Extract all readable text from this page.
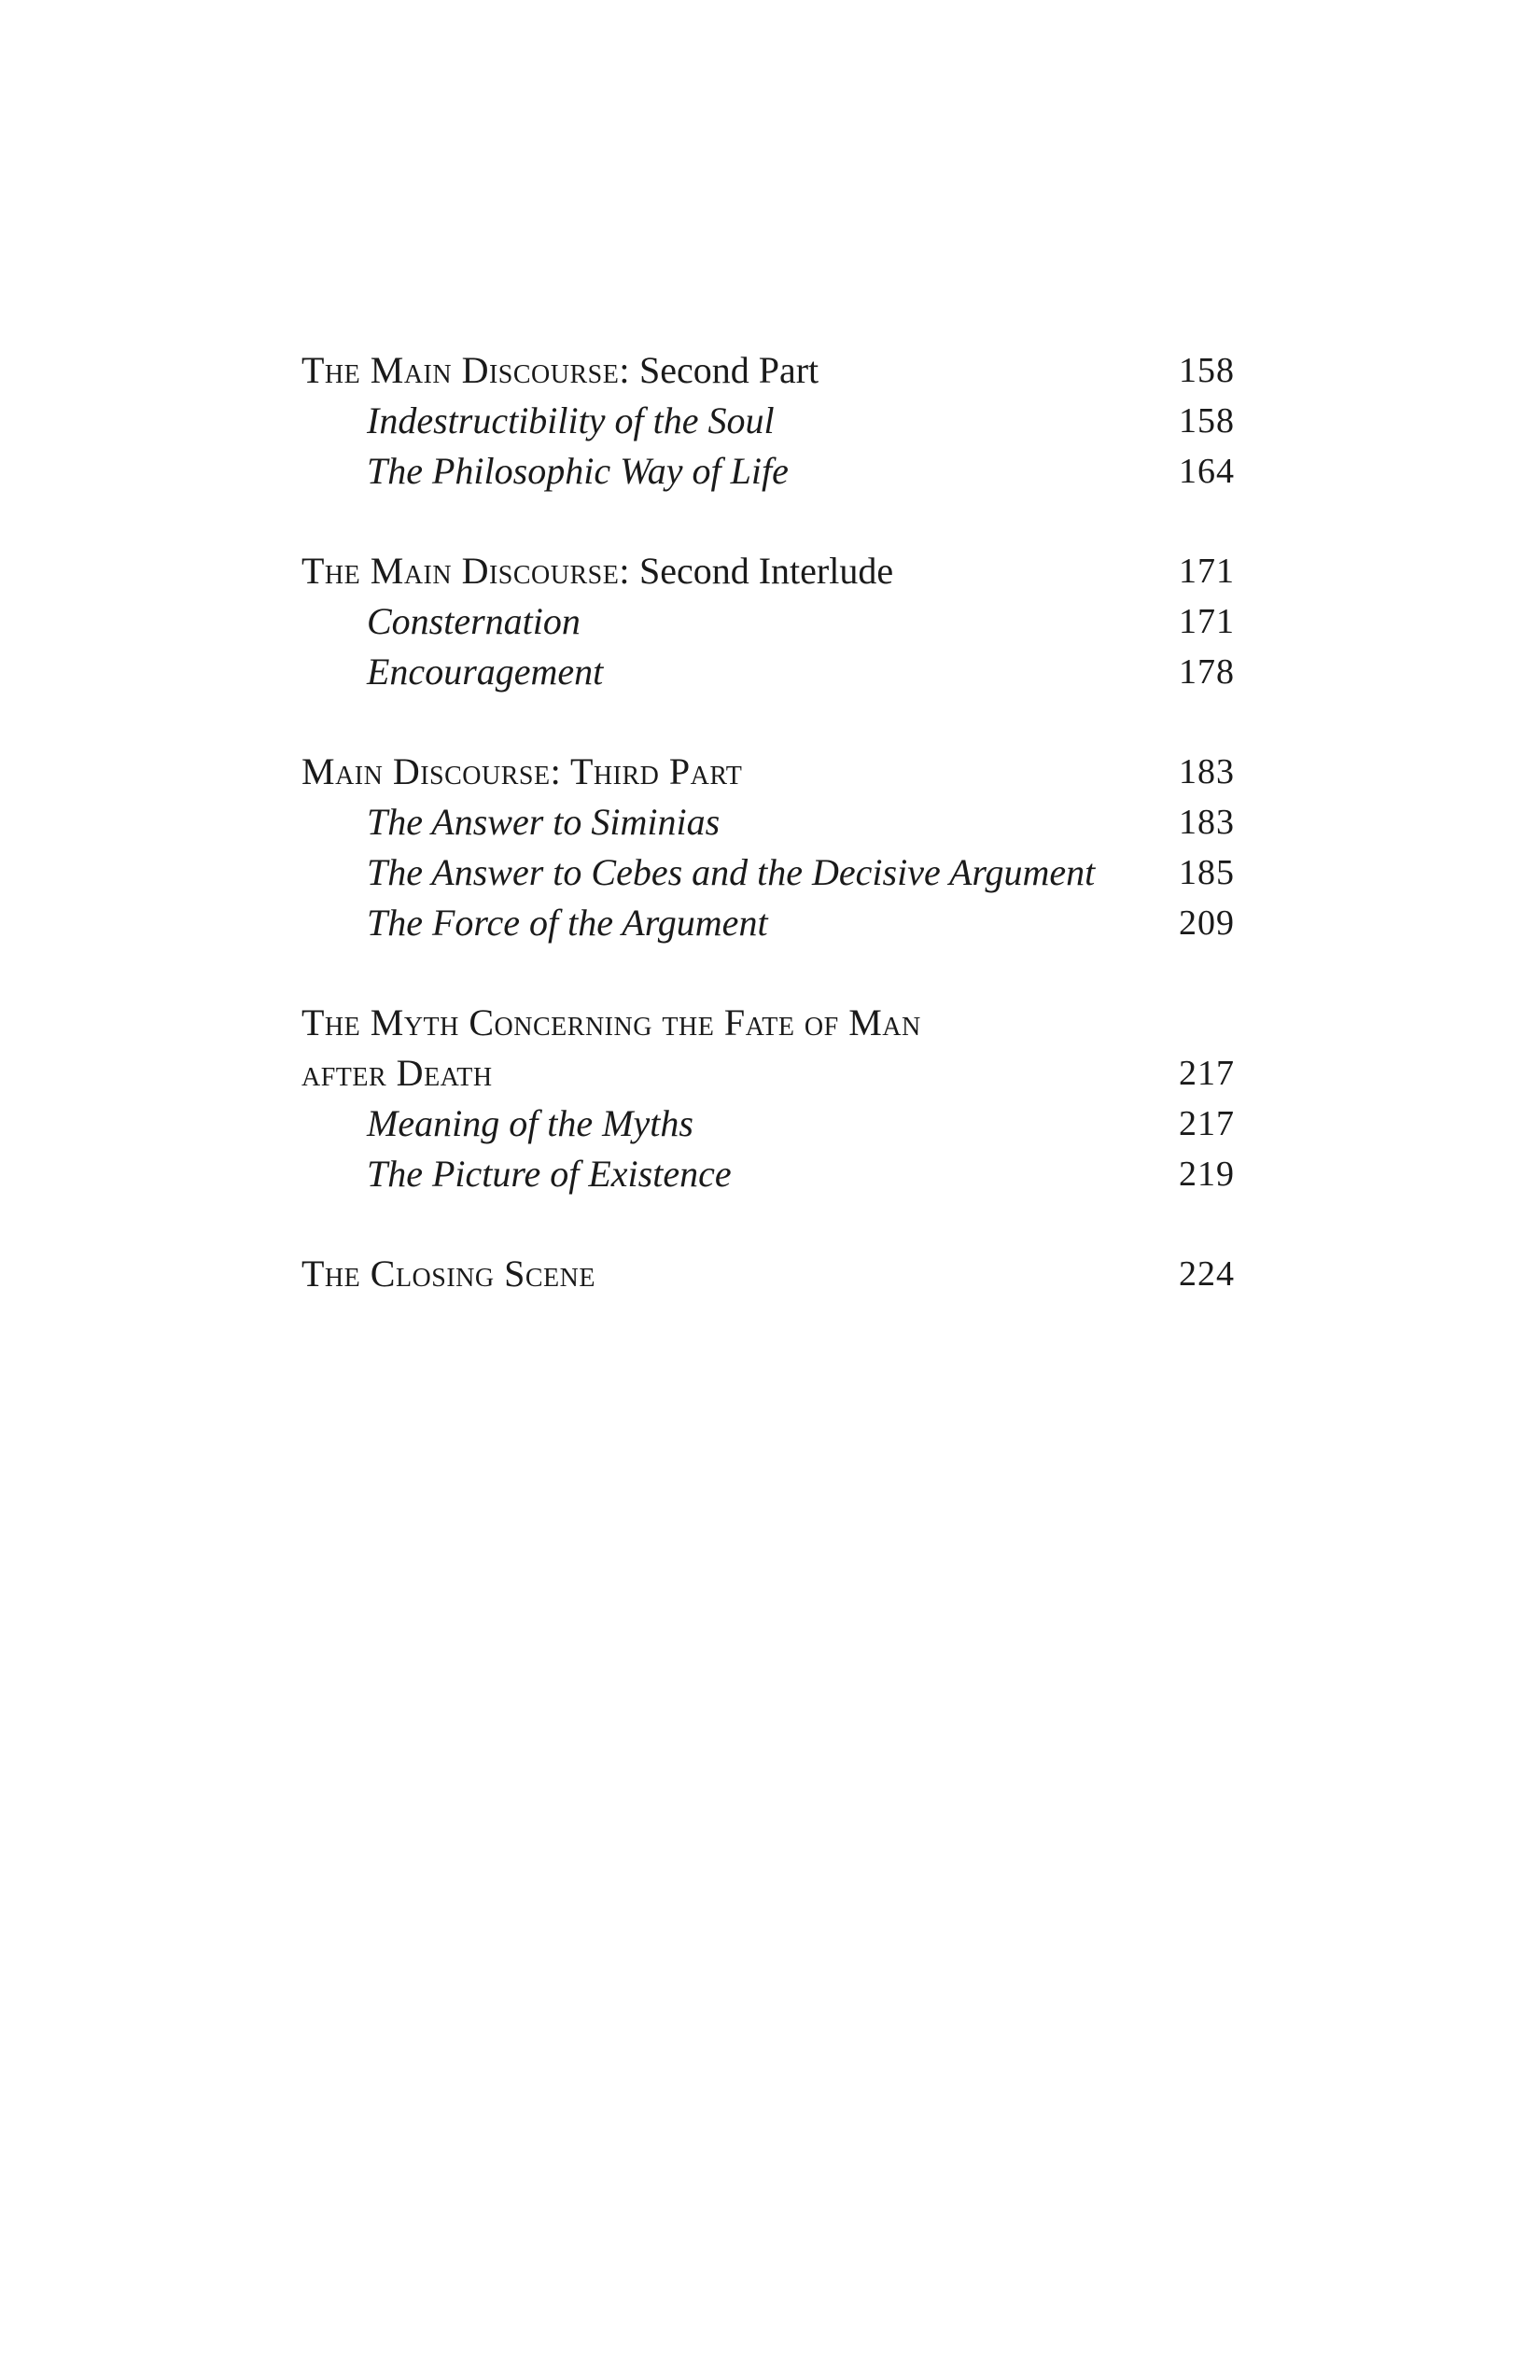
The Main Discourse: Second Part	158
Indestructibility of the Soul	158
The Philosophic Way of Life	164
The Main Discourse: Second Interlude	171
Consternation	171
Encouragement	178
Main Discourse: Third Part	183
The Answer to Siminias	183
The Answer to Cebes and the Decisive Argument	185
The Force of the Argument	209
The Myth Concerning the Fate of Man
after Death	217
Meaning of the Myths	217
The Picture of Existence	219
The Closing Scene	224
